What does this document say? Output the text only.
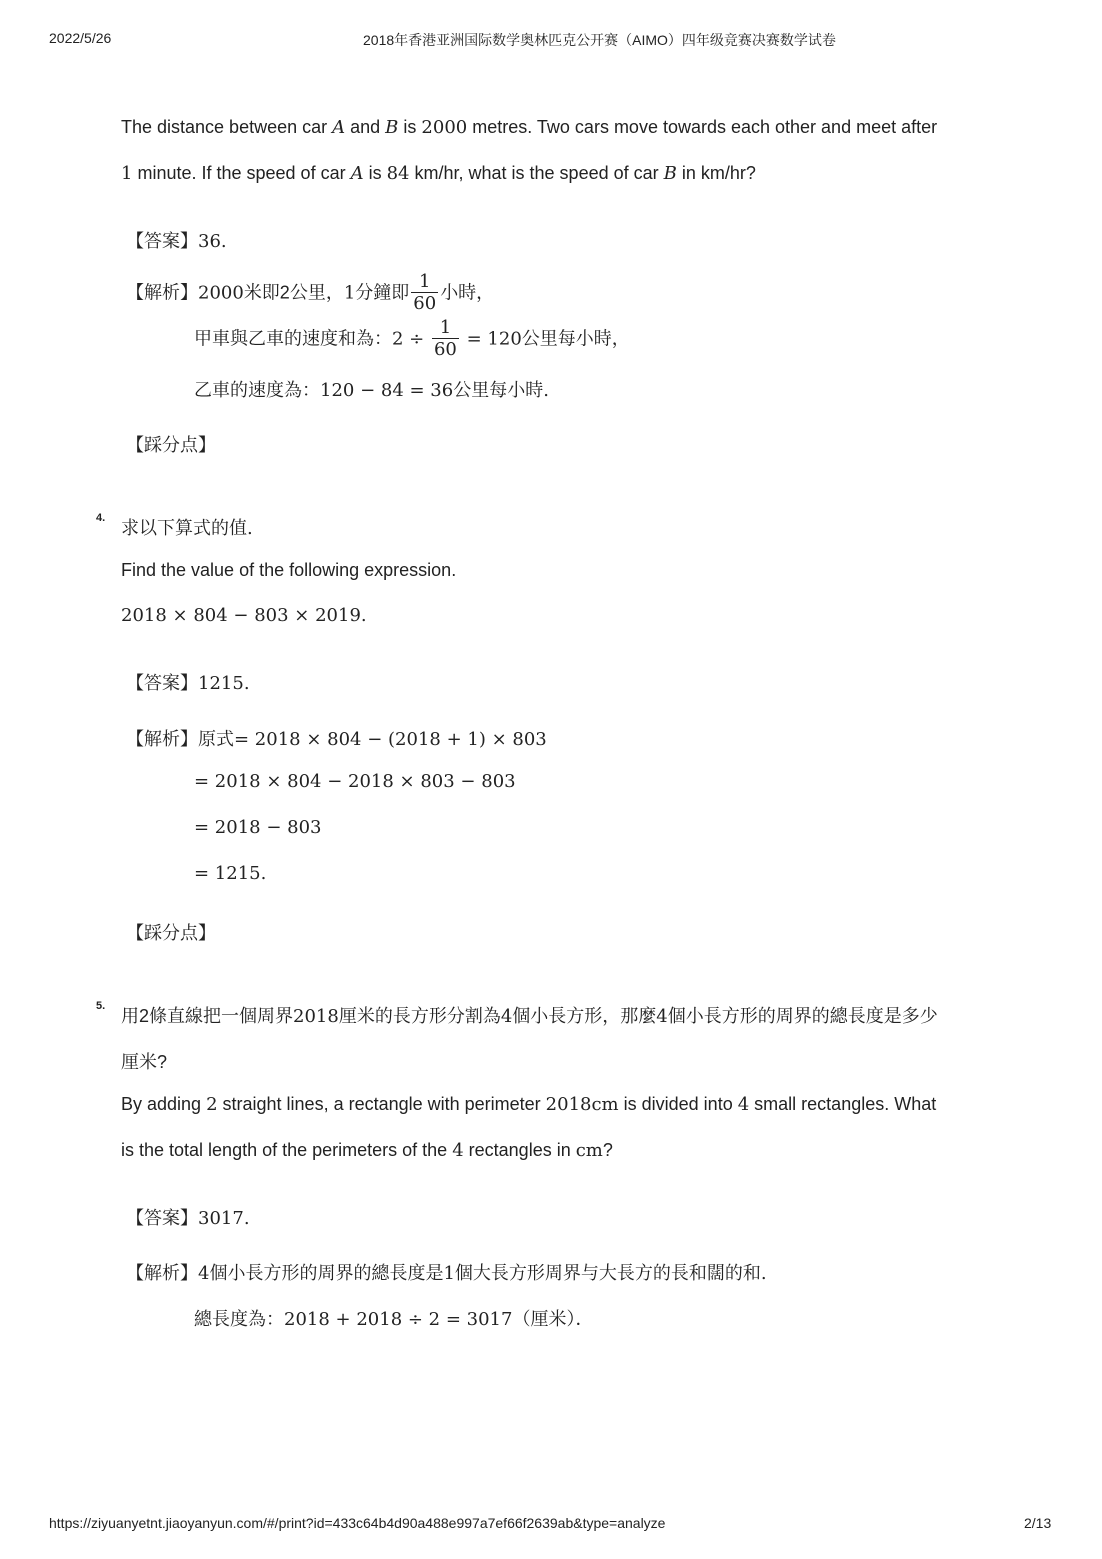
2022/5/26	2018年香港亚洲国际数学奥林匹克公开赛（AIMO）四年级竞赛决赛数学试卷
The distance between car A and B is 2000 metres. Two cars move towards each other and meet after
1 minute. If the speed of car A is 84 km/hr, what is the speed of car B in km/hr?
【答案】36.
【解析】2000米即2公里，1分鐘即 $\frac{1}{60}$ 小時，
甲車與乙車的速度和為：$2 \div \frac{1}{60} = 120$公里每小時，
乙車的速度為：120 − 84 = 36公里每小時.
【踩分点】
4. 求以下算式的值.
Find the value of the following expression.
2018 × 804 − 803 × 2019.
【答案】1215.
【解析】原式= 2018 × 804 − (2018 + 1) × 803
= 2018 × 804 − 2018 × 803 − 803
= 2018 − 803
= 1215.
【踩分点】
5. 用2條直線把一個周界2018厘米的長方形分割為4個小長方形，那麼4個小長方形的周界的總長度是多少
厘米?
By adding 2 straight lines, a rectangle with perimeter 2018cm is divided into 4 small rectangles. What
is the total length of the perimeters of the 4 rectangles in cm?
【答案】3017.
【解析】4個小長方形的周界的總長度是1個大長方形周界与大長方的長和闊的和.
總長度為：2018 + 2018 ÷ 2 = 3017（厘米）．
https://ziyuanyetnt.jiaoyanyun.com/#/print?id=433c64b4d90a488e997a7ef66f2639ab&type=analyze	2/13
